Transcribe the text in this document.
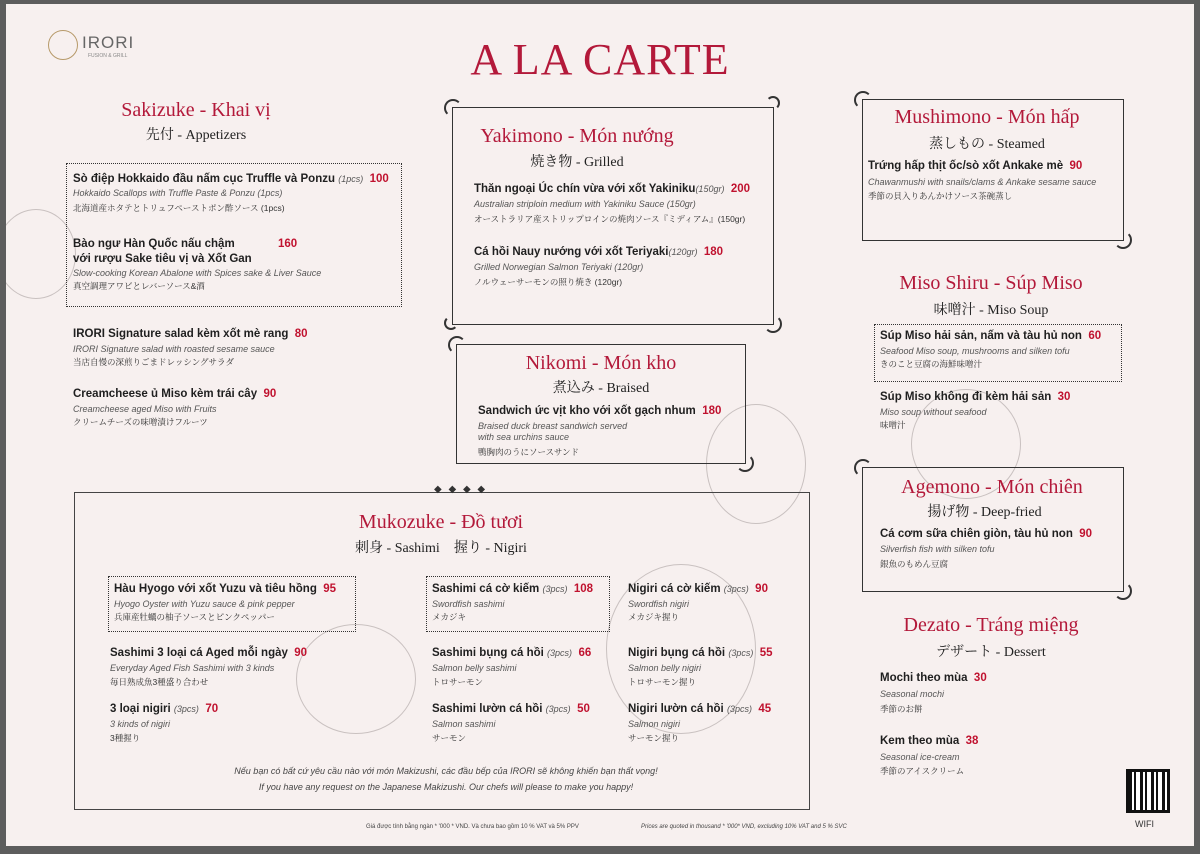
IRORI
FUSION & GRILL	A LA CARTE
Sakizuke - Khai vị
先付 - Appetizers
Sò điệp Hokkaido đầu nấm cục Truffle và Ponzu (1pcs) 100
Hokkaido Scallops with Truffle Paste & Ponzu (1pcs)
北海道産ホタテとトリュフペーストポン酢ソース (1pcs)
Bào ngư Hàn Quốc nấu chậm
với rượu Sake tiêu vị và Xốt Gan
160
Slow-cooking Korean Abalone with Spices sake & Liver Sauce
真空調理アワビとレバーソース&酒
IRORI Signature salad kèm xốt mè rang 80
IRORI Signature salad with roasted sesame sauce
当店自慢の深煎りごまドレッシングサラダ
Creamcheese ủ Miso kèm trái cây 90
Creamcheese aged Miso with Fruits
クリームチーズの味噌漬けフルーツ
Yakimono - Món nướng
焼き物 - Grilled
Thăn ngoại Úc chín vừa với xốt Yakiniku(150gr) 200
Australian striploin medium with Yakiniku Sauce (150gr)
オーストラリア産ストリップロインの焼肉ソース『ミディアム』(150gr)
Cá hồi Nauy nướng với xốt Teriyaki(120gr) 180
Grilled Norwegian Salmon Teriyaki (120gr)
ノルウェーサーモンの照り焼き (120gr)
Nikomi - Món kho
煮込み - Braised
Sandwich ức vịt kho với xốt gạch nhum 180
Braised duck breast sandwich served
with sea urchins sauce
鴨胸肉のうにソースサンド
Mushimono - Món hấp
蒸しもの - Steamed
Trứng hấp thịt ốc/sò xốt Ankake mè 90
Chawanmushi with snails/clams & Ankake sesame sauce
季節の貝入りあんかけソース茶碗蒸し
Miso Shiru - Súp Miso
味噌汁 - Miso Soup
Súp Miso hải sản, nấm và tàu hủ non 60
Seafood Miso soup, mushrooms and silken tofu
きのこと豆腐の海鮮味噌汁
Súp Miso không đi kèm hải sản 30
Miso soup without seafood
味噌汁
Agemono - Món chiên
揚げ物 - Deep-fried
Cá cơm sữa chiên giòn, tàu hủ non 90
Silverfish fish with silken tofu
銀魚のもめん豆腐
Dezato - Tráng miệng
デザート - Dessert
Mochi theo mùa 30
Seasonal mochi
季節のお餅
Kem theo mùa 38
Seasonal ice-cream
季節のアイスクリーム
WIFI
◆ ◆ ◆ ◆
Mukozuke - Đồ tươi
刺身 - Sashimi    握り - Nigiri
Hàu Hyogo với xốt Yuzu và tiêu hồng 95
Hyogo Oyster with Yuzu sauce & pink pepper
兵庫産牡蠣の柚子ソースとピンクペッパー
Sashimi 3 loại cá Aged mỗi ngày 90
Everyday Aged Fish Sashimi with 3 kinds
毎日熟成魚3種盛り合わせ
3 loại nigiri (3pcs) 70
3 kinds of nigiri
3種握り
Sashimi cá cờ kiếm (3pcs) 108
Swordfish sashimi
メカジキ
Sashimi bụng cá hồi (3pcs) 66
Salmon belly sashimi
トロサーモン
Sashimi lườn cá hồi (3pcs) 50
Salmon sashimi
サーモン
Nigiri cá cờ kiếm (3pcs) 90
Swordfish nigiri
メカジキ握り
Nigiri bụng cá hồi (3pcs) 55
Salmon belly nigiri
トロサーモン握り
Nigiri lườn cá hồi (3pcs) 45
Salmon nigiri
サーモン握り
Nếu bạn có bất cứ yêu cầu nào với món Makizushi, các đầu bếp của IRORI sẽ không khiến bạn thất vọng!
If you have any request on the Japanese Makizushi. Our chefs will please to make you happy!
Giá được tính bằng ngàn * '000 * VND. Và chưa bao gồm 10 % VAT và 5% PPV	Prices are quoted in thousand * '000* VND, excluding 10% VAT and 5 % SVC
